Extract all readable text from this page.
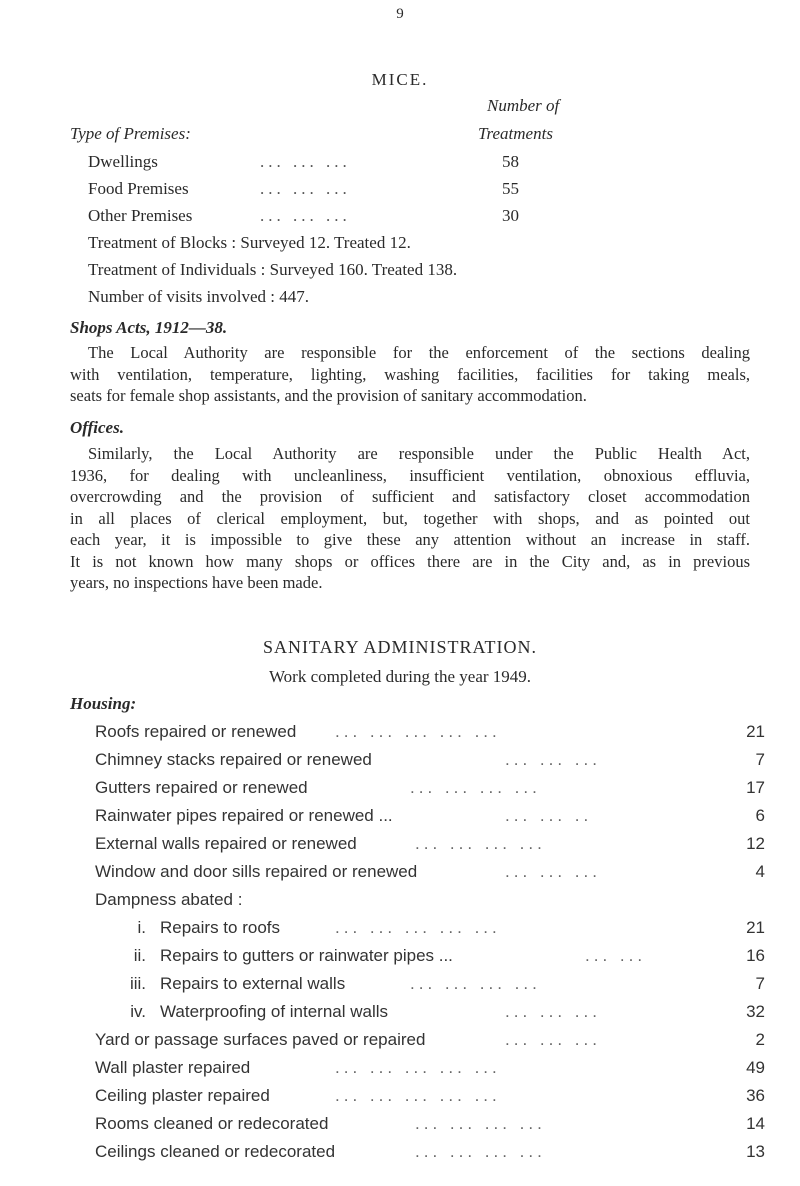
9
MICE.
Number of
Type of Premises:	Treatments
Dwellings	... ... ...	58
Food Premises	... ... ...	55
Other Premises	... ... ...	30
Treatment of Blocks : Surveyed 12. Treated 12.
Treatment of Individuals : Surveyed 160. Treated 138.
Number of visits involved : 447.
Shops Acts, 1912—38.
The Local Authority are responsible for the enforcement of the sections dealing
with ventilation, temperature, lighting, washing facilities, facilities for taking meals,
seats for female shop assistants, and the provision of sanitary accommodation.
Offices.
Similarly, the Local Authority are responsible under the Public Health Act,
1936, for dealing with uncleanliness, insufficient ventilation, obnoxious effluvia,
overcrowding and the provision of sufficient and satisfactory closet accommodation
in all places of clerical employment, but, together with shops, and as pointed out
each year, it is impossible to give these any attention without an increase in staff.
It is not known how many shops or offices there are in the City and, as in previous
years, no inspections have been made.
SANITARY ADMINISTRATION.
Work completed during the year 1949.
Housing:
Roofs repaired or renewed ... ... ... ... ...	21
Chimney stacks repaired or renewed	... ... ...	7
Gutters repaired or renewed	... ... ... ...	17
Rainwater pipes repaired or renewed ...	... ... ..	6
External walls repaired or renewed	... ... ... ...	12
Window and door sills repaired or renewed	... ... ...	4
Dampness abated :
i. Repairs to roofs	... ... ... ... ...	21
ii. Repairs to gutters or rainwater pipes ...	... ...	16
iii. Repairs to external walls	... ... ... ...	7
iv. Waterproofing of internal walls	... ... ...	32
Yard or passage surfaces paved or repaired	... ... ...	2
Wall plaster repaired	... ... ... ... ...	49
Ceiling plaster repaired	... ... ... ... ...	36
Rooms cleaned or redecorated	... ... ... ...	14
Ceilings cleaned or redecorated	... ... ... ...	13
